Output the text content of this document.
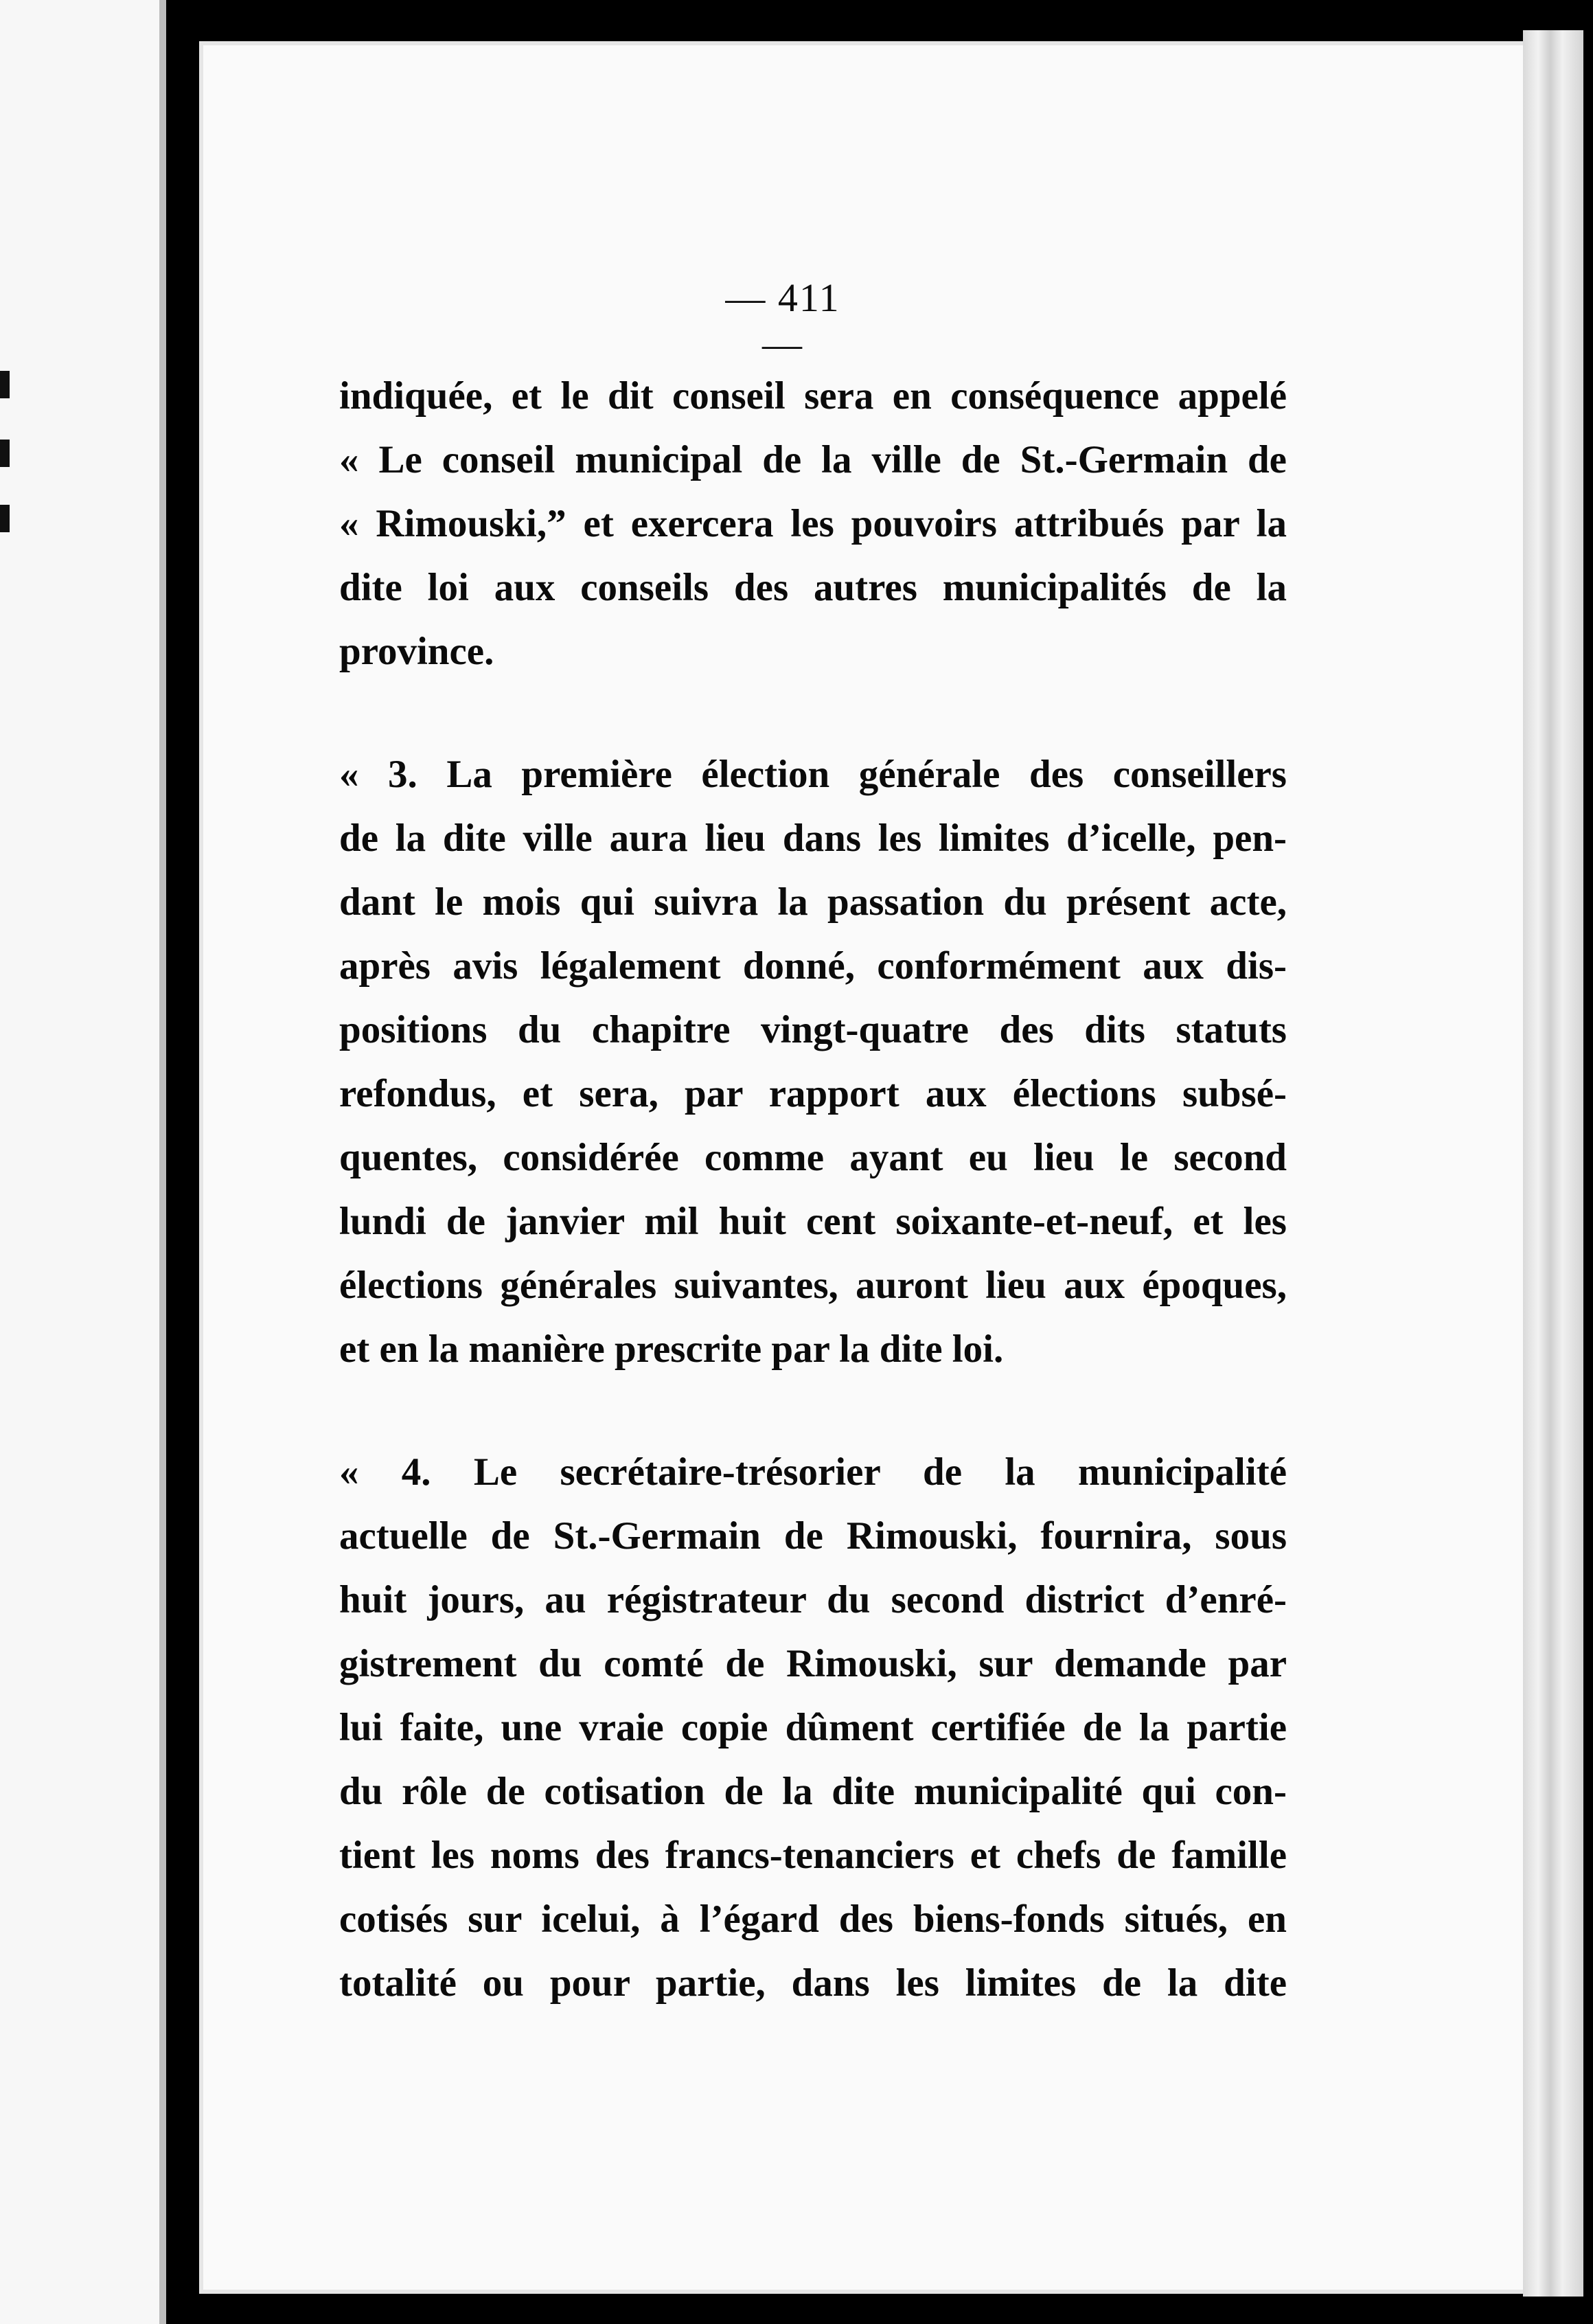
— 411 —
indiquée, et le dit conseil sera en conséquence appelé
« Le conseil municipal de la ville de St.-Germain de
« Rimouski,” et exercera les pouvoirs attribués par la
dite loi aux conseils des autres municipalités de la
province.
« 3. La première élection générale des conseillers
de la dite ville aura lieu dans les limites d’icelle, pen-
dant le mois qui suivra la passation du présent acte,
après avis légalement donné, conformément aux dis-
positions du chapitre vingt-quatre des dits statuts
refondus, et sera, par rapport aux élections subsé-
quentes, considérée comme ayant eu lieu le second
lundi de janvier mil huit cent soixante-et-neuf, et les
élections générales suivantes, auront lieu aux époques,
et en la manière prescrite par la dite loi.
« 4. Le secrétaire-trésorier de la municipalité
actuelle de St.-Germain de Rimouski, fournira, sous
huit jours, au régistrateur du second district d’enré-
gistrement du comté de Rimouski, sur demande par
lui faite, une vraie copie dûment certifiée de la partie
du rôle de cotisation de la dite municipalité qui con-
tient les noms des francs-tenanciers et chefs de famille
cotisés sur icelui, à l’égard des biens-fonds situés, en
totalité ou pour partie, dans les limites de la dite
